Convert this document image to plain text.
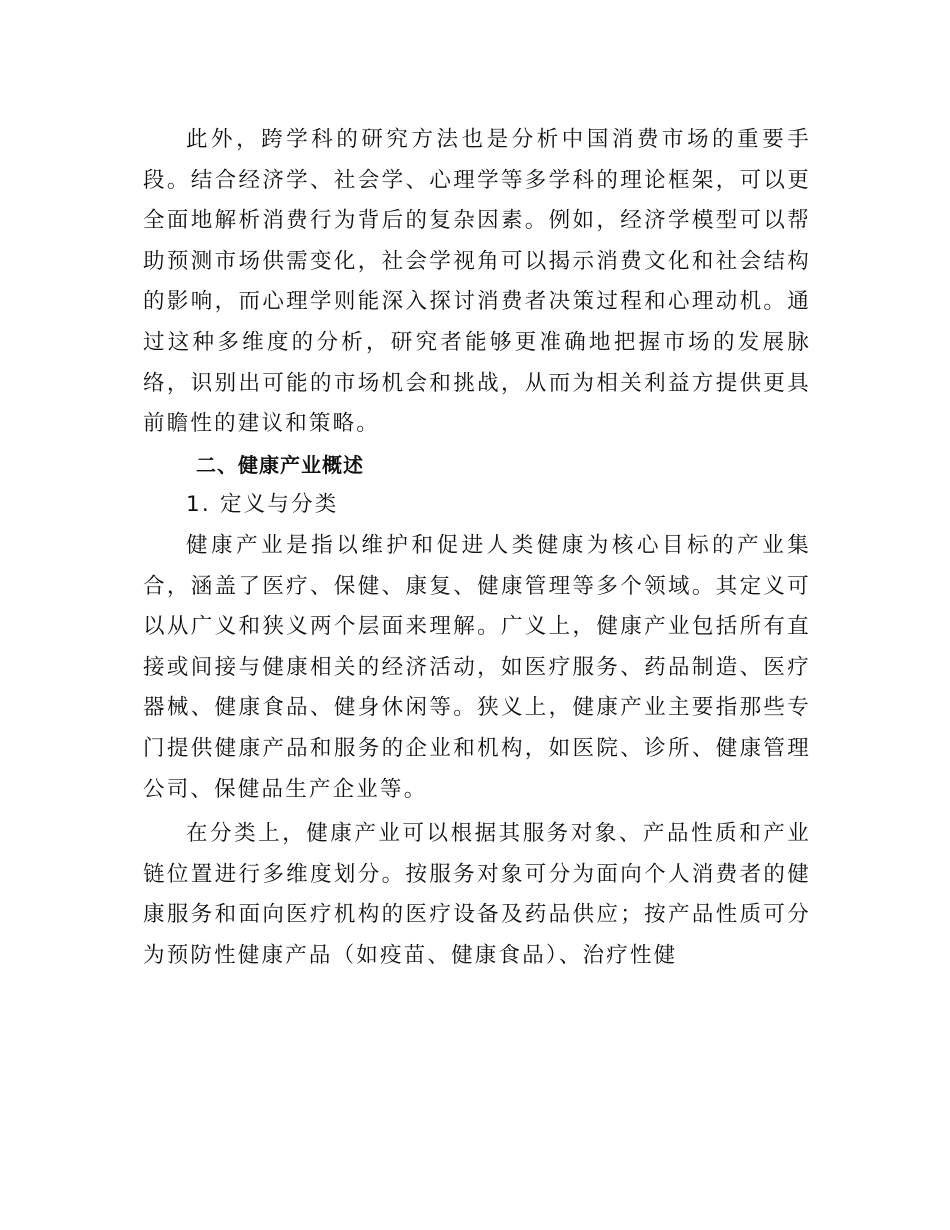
此外，跨学科的研究方法也是分析中国消费市场的重要手段。结合经济学、社会学、心理学等多学科的理论框架，可以更全面地解析消费行为背后的复杂因素。例如，经济学模型可以帮助预测市场供需变化，社会学视角可以揭示消费文化和社会结构的影响，而心理学则能深入探讨消费者决策过程和心理动机。通过这种多维度的分析，研究者能够更准确地把握市场的发展脉络，识别出可能的市场机会和挑战，从而为相关利益方提供更具前瞻性的建议和策略。

二、健康产业概述

1. 定义与分类

健康产业是指以维护和促进人类健康为核心目标的产业集合，涵盖了医疗、保健、康复、健康管理等多个领域。其定义可以从广义和狭义两个层面来理解。广义上，健康产业包括所有直接或间接与健康相关的经济活动，如医疗服务、药品制造、医疗器械、健康食品、健身休闲等。狭义上，健康产业主要指那些专门提供健康产品和服务的企业和机构，如医院、诊所、健康管理公司、保健品生产企业等。

在分类上，健康产业可以根据其服务对象、产品性质和产业链位置进行多维度划分。按服务对象可分为面向个人消费者的健康服务和面向医疗机构的医疗设备及药品供应；按产品性质可分为预防性健康产品（如疫苗、健康食品）、治疗性健
